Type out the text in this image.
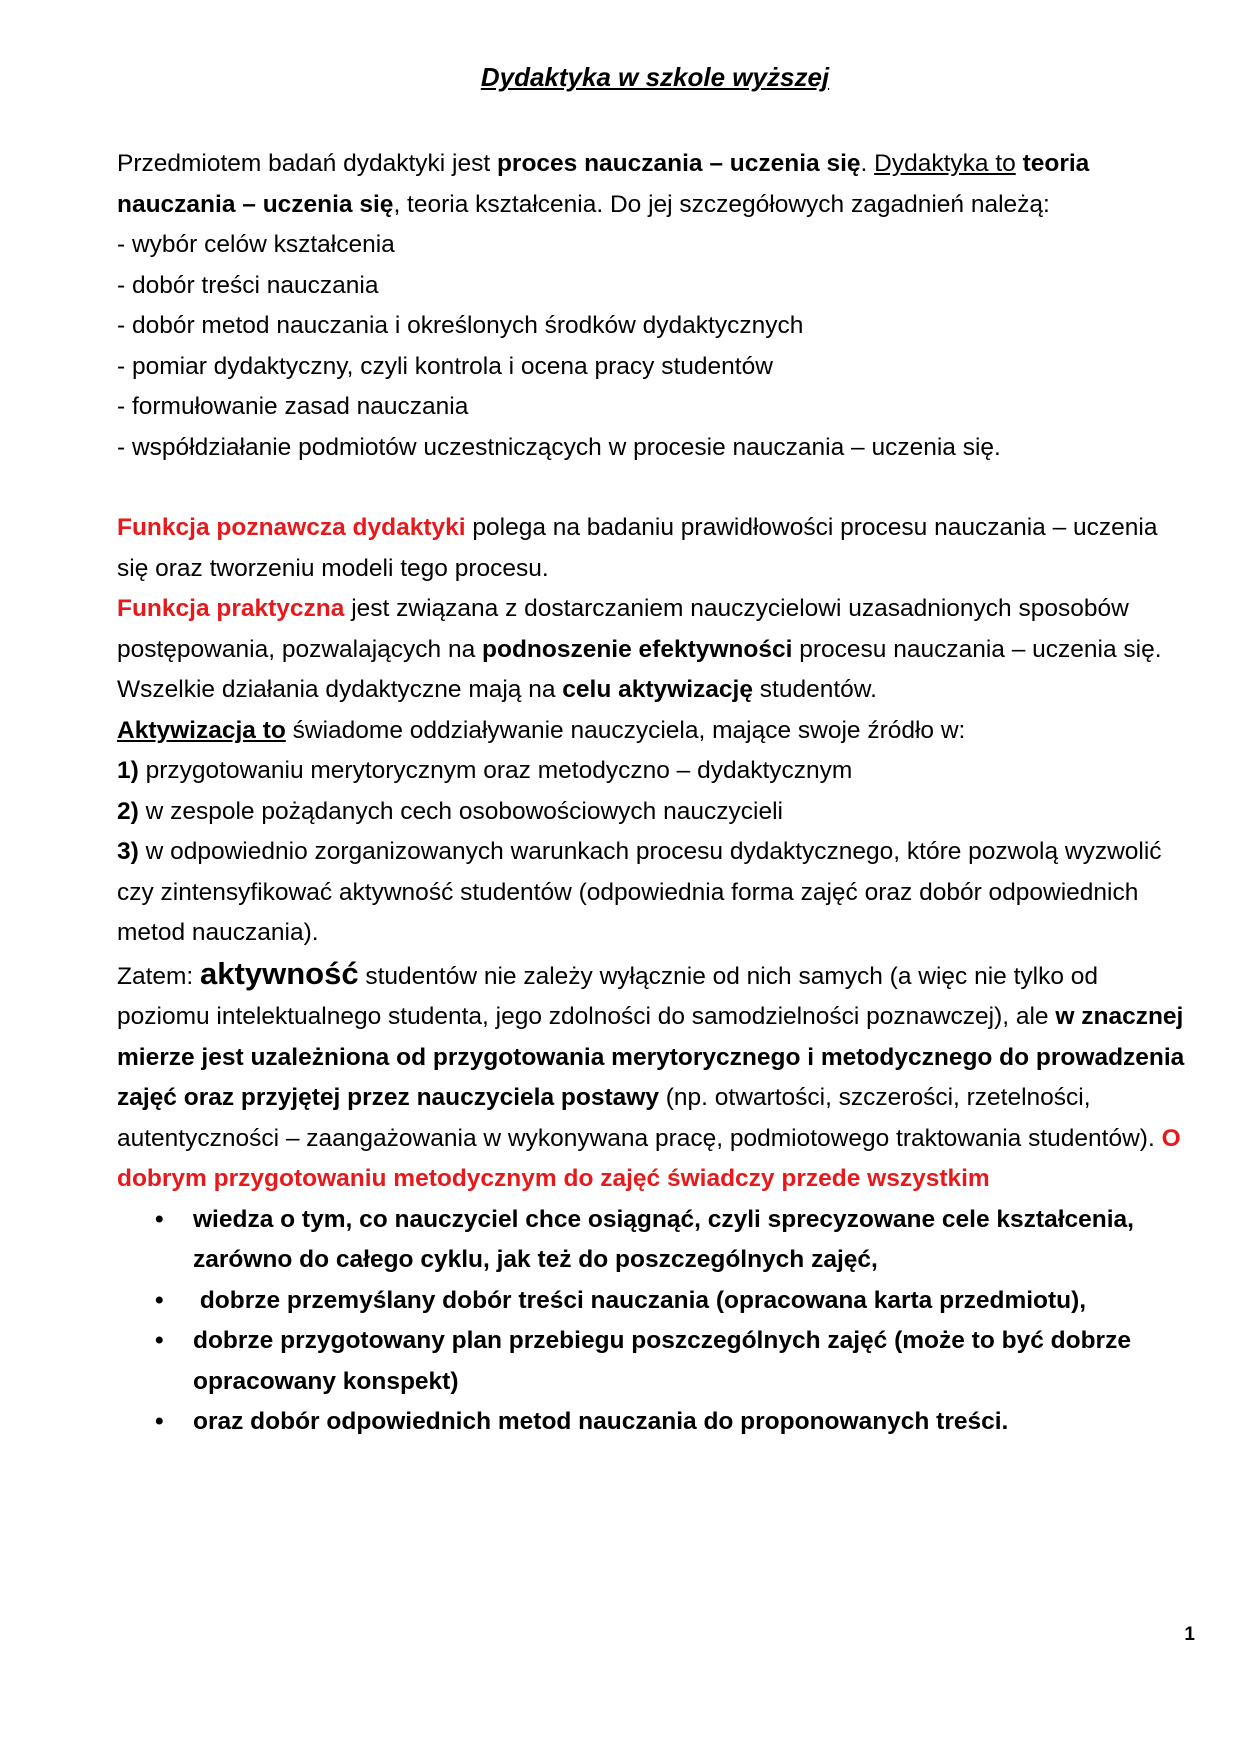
Dydaktyka w szkole wyższej

Przedmiotem badań dydaktyki jest proces nauczania – uczenia się. Dydaktyka to teoria nauczania – uczenia się, teoria kształcenia. Do jej szczegółowych zagadnień należą:

- wybór celów kształcenia

- dobór treści nauczania

- dobór metod nauczania i określonych środków dydaktycznych

- pomiar dydaktyczny, czyli kontrola i ocena pracy studentów

- formułowanie zasad nauczania

- współdziałanie podmiotów uczestniczących w procesie nauczania – uczenia się.

Funkcja poznawcza dydaktyki polega na badaniu prawidłowości procesu nauczania – uczenia się oraz tworzeniu modeli tego procesu.

Funkcja praktyczna jest związana z dostarczaniem nauczycielowi uzasadnionych sposobów postępowania, pozwalających na podnoszenie efektywności procesu nauczania – uczenia się.

Wszelkie działania dydaktyczne mają na celu aktywizację studentów.

Aktywizacja to świadome oddziaływanie nauczyciela, mające swoje źródło w:

1) przygotowaniu merytorycznym oraz metodyczno – dydaktycznym

2) w zespole pożądanych cech osobowościowych nauczycieli

3) w odpowiednio zorganizowanych warunkach procesu dydaktycznego, które pozwolą wyzwolić czy zintensyfikować aktywność studentów (odpowiednia forma zajęć oraz dobór odpowiednich metod nauczania).

Zatem: aktywność studentów nie zależy wyłącznie od nich samych (a więc nie tylko od poziomu intelektualnego studenta, jego zdolności do samodzielności poznawczej), ale w znacznej mierze jest uzależniona od przygotowania merytorycznego i metodycznego do prowadzenia zajęć oraz przyjętej przez nauczyciela postawy (np. otwartości, szczerości, rzetelności, autentyczności – zaangażowania w wykonywana pracę, podmiotowego traktowania studentów). O dobrym przygotowaniu metodycznym do zajęć świadczy przede wszystkim

• wiedza o tym, co nauczyciel chce osiągnąć, czyli sprecyzowane cele kształcenia, zarówno do całego cyklu, jak też do poszczególnych zajęć,
• dobrze przemyślany dobór treści nauczania (opracowana karta przedmiotu),
• dobrze przygotowany plan przebiegu poszczególnych zajęć (może to być dobrze opracowany konspekt)
• oraz dobór odpowiednich metod nauczania do proponowanych treści.
1
